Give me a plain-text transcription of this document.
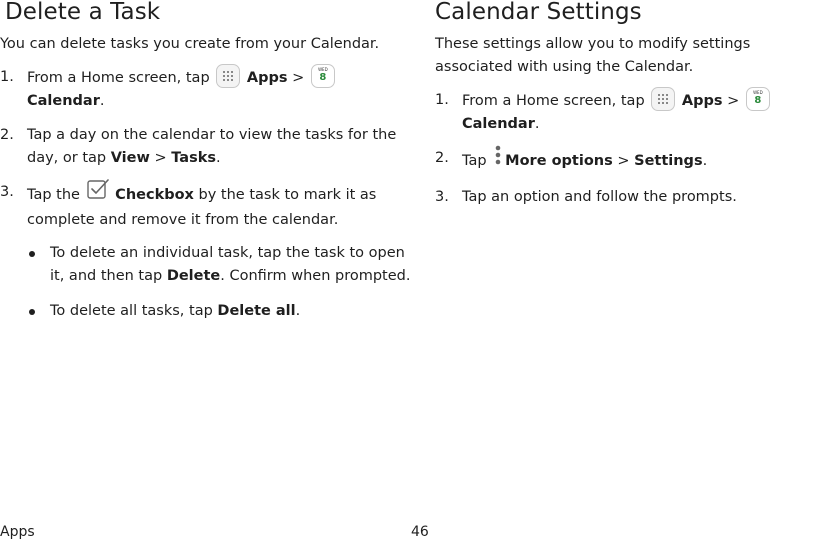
Delete a Task

You can delete tasks you create from your Calendar.

1. From a Home screen, tap	Apps >
WED
8
Calendar.
2. Tap a day on the calendar to view the tasks for the day, or tap View > Tasks.
3. Tap the Checkbox by the task to mark it as complete and remove it from the calendar.
To delete an individual task, tap the task to open it, and then tap Delete. Confirm when prompted.
To delete all tasks, tap Delete all.
Calendar Settings

These settings allow you to modify settings associated with using the Calendar.

1. From a Home screen, tap	Apps >
WED
8
Calendar.
2. Tap More options > Settings.
3. Tap an option and follow the prompts.
Apps	46
